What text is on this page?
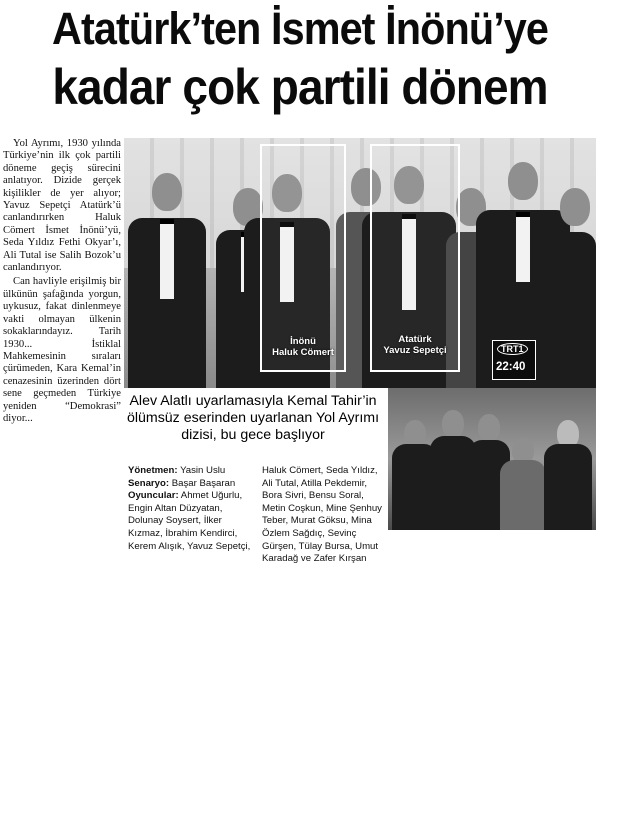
Atatürk’ten İsmet İnönü’ye
kadar çok partili dönem

Yol Ayrımı, 1930 yılında Türkiye’nin ilk çok partili döneme geçiş sürecini anlatıyor. Dizide gerçek kişilikler de yer alıyor; Yavuz Sepetçi Atatürk’ü canlandırırken Haluk Cömert İsmet İnönü’yü, Seda Yıldız Fethi Okyar’ı, Ali Tutal ise Salih Bozok’u canlandırıyor.

Can havliyle erişilmiş bir ülkünün şafağında yorgun, uykusuz, fakat dinlenmeye vakti olmayan ülkenin sokaklarındayız. Tarih 1930... İstiklal Mahkemesinin sıraları çürümeden, Kara Kemal’in cenazesinin üzerinden dört sene geçmeden Türkiye yeniden “Demokrasi” diyor...

İnönü
Haluk Cömert
Atatürk
Yavuz Sepetçi
Yol Ayrımı
TRT1
22:40
Alev Alatlı uyarlamasıyla Kemal Tahir’in ölümsüz eserinden uyarlanan Yol Ayrımı dizisi, bu gece başlıyor
Yönetmen: Yasin Uslu
Senaryo: Başar Başaran
Oyuncular: Ahmet Uğurlu, Engin Altan Düzyatan, Dolunay Soysert, İlker Kızmaz, İbrahim Kendirci, Kerem Alışık, Yavuz Sepetçi,
Haluk Cömert, Seda Yıldız, Ali Tutal, Atilla Pekdemir, Bora Sivri, Bensu Soral, Metin Coşkun, Mine Şenhuy Teber, Murat Göksu, Mina Özlem Sağdıç, Sevinç Gürşen, Tülay Bursa, Umut Karadağ ve Zafer Kırşan
